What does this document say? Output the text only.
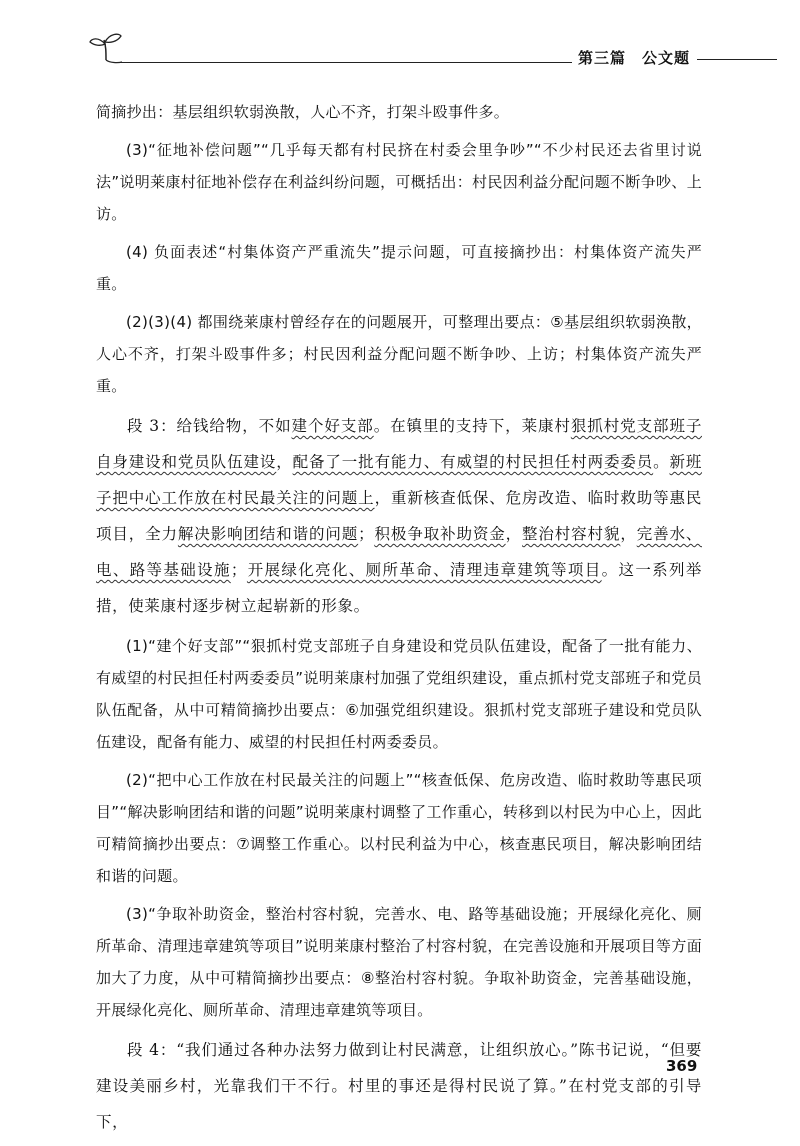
第三篇　公文题

简摘抄出：基层组织软弱涣散，人心不齐，打架斗殴事件多。

(3)“征地补偿问题”“几乎每天都有村民挤在村委会里争吵”“不少村民还去省里讨说法”说明莱康村征地补偿存在利益纠纷问题，可概括出：村民因利益分配问题不断争吵、上访。

(4) 负面表述“村集体资产严重流失”提示问题，可直接摘抄出：村集体资产流失严重。

(2)(3)(4) 都围绕莱康村曾经存在的问题展开，可整理出要点：⑤基层组织软弱涣散，人心不齐，打架斗殴事件多；村民因利益分配问题不断争吵、上访；村集体资产流失严重。

段 3：给钱给物，不如建个好支部。在镇里的支持下，莱康村狠抓村党支部班子自身建设和党员队伍建设，配备了一批有能力、有威望的村民担任村两委委员。新班子把中心工作放在村民最关注的问题上，重新核查低保、危房改造、临时救助等惠民项目，全力解决影响团结和谐的问题；积极争取补助资金，整治村容村貌，完善水、电、路等基础设施；开展绿化亮化、厕所革命、清理违章建筑等项目。这一系列举措，使莱康村逐步树立起崭新的形象。

(1)“建个好支部”“狠抓村党支部班子自身建设和党员队伍建设，配备了一批有能力、有威望的村民担任村两委委员”说明莱康村加强了党组织建设，重点抓村党支部班子和党员队伍配备，从中可精简摘抄出要点：⑥加强党组织建设。狠抓村党支部班子建设和党员队伍建设，配备有能力、威望的村民担任村两委委员。

(2)“把中心工作放在村民最关注的问题上”“核查低保、危房改造、临时救助等惠民项目”“解决影响团结和谐的问题”说明莱康村调整了工作重心，转移到以村民为中心上，因此可精简摘抄出要点：⑦调整工作重心。以村民利益为中心，核查惠民项目，解决影响团结和谐的问题。

(3)“争取补助资金，整治村容村貌，完善水、电、路等基础设施；开展绿化亮化、厕所革命、清理违章建筑等项目”说明莱康村整治了村容村貌，在完善设施和开展项目等方面加大了力度，从中可精简摘抄出要点：⑧整治村容村貌。争取补助资金，完善基础设施，开展绿化亮化、厕所革命、清理违章建筑等项目。

段 4：“我们通过各种办法努力做到让村民满意，让组织放心。”陈书记说，“但要建设美丽乡村，光靠我们干不行。村里的事还是得村民说了算。”在村党支部的引导下，

369
